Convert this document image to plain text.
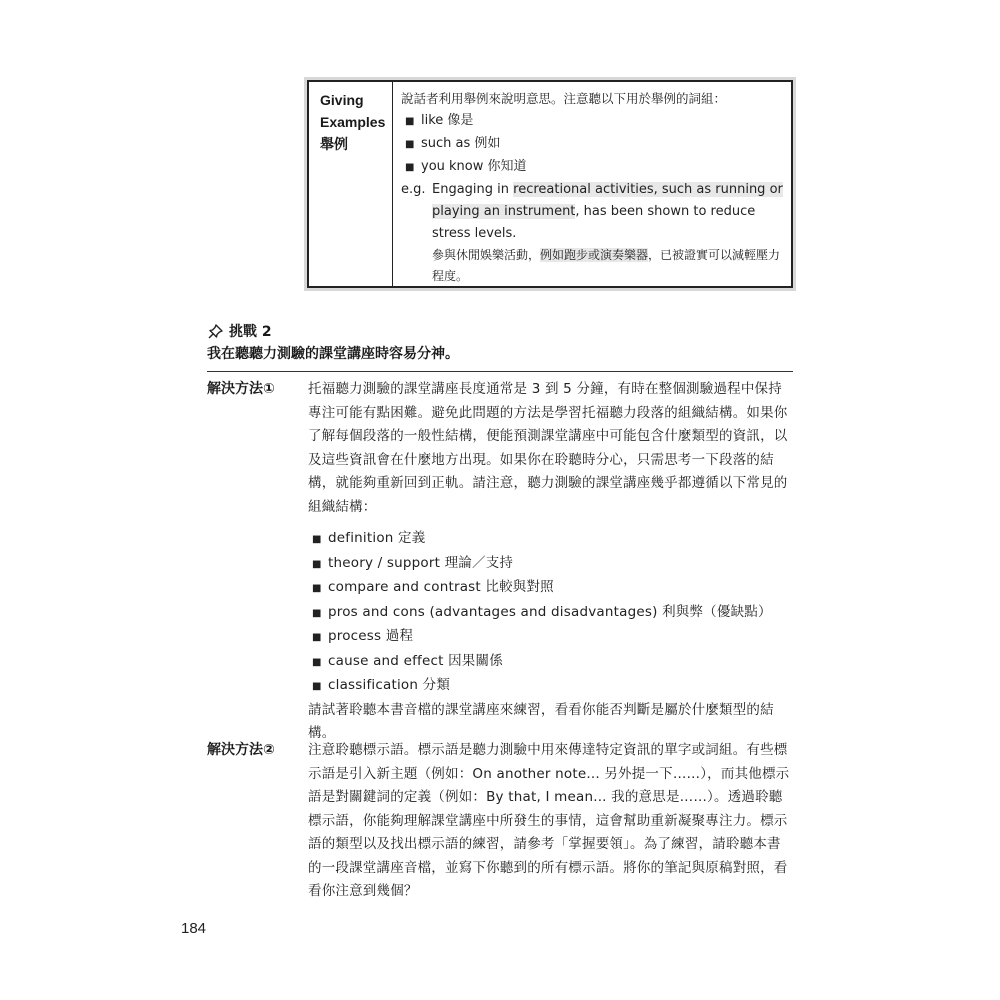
Giving
Examples
舉例
說話者利用舉例來說明意思。注意聽以下用於舉例的詞組：
■ like 像是
■ such as 例如
■ you know 你知道
e.g. Engaging in recreational activities, such as running or playing an instrument, has been shown to reduce stress levels.
參與休閒娛樂活動，例如跑步或演奏樂器，已被證實可以減輕壓力程度。
挑戰 2
我在聽聽力測驗的課堂講座時容易分神。
解決方法①	托福聽力測驗的課堂講座長度通常是 3 到 5 分鐘，有時在整個測驗過程中保持專注可能有點困難。避免此問題的方法是學習托福聽力段落的組織結構。如果你了解每個段落的一般性結構，便能預測課堂講座中可能包含什麼類型的資訊，以及這些資訊會在什麼地方出現。如果你在聆聽時分心，只需思考一下段落的結構，就能夠重新回到正軌。請注意，聽力測驗的課堂講座幾乎都遵循以下常見的組織結構：

■ definition 定義
■ theory / support 理論／支持
■ compare and contrast 比較與對照
■ pros and cons (advantages and disadvantages) 利與弊（優缺點）
■ process 過程
■ cause and effect 因果關係
■ classification 分類

請試著聆聽本書音檔的課堂講座來練習，看看你能否判斷是屬於什麼類型的結構。

解決方法②	注意聆聽標示語。標示語是聽力測驗中用來傳達特定資訊的單字或詞組。有些標示語是引入新主題（例如：On another note... 另外提一下……），而其他標示語是對關鍵詞的定義（例如：By that, I mean... 我的意思是……）。透過聆聽標示語，你能夠理解課堂講座中所發生的事情，這會幫助重新凝聚專注力。標示語的類型以及找出標示語的練習，請參考「掌握要領」。為了練習，請聆聽本書的一段課堂講座音檔，並寫下你聽到的所有標示語。將你的筆記與原稿對照，看看你注意到幾個？

184
